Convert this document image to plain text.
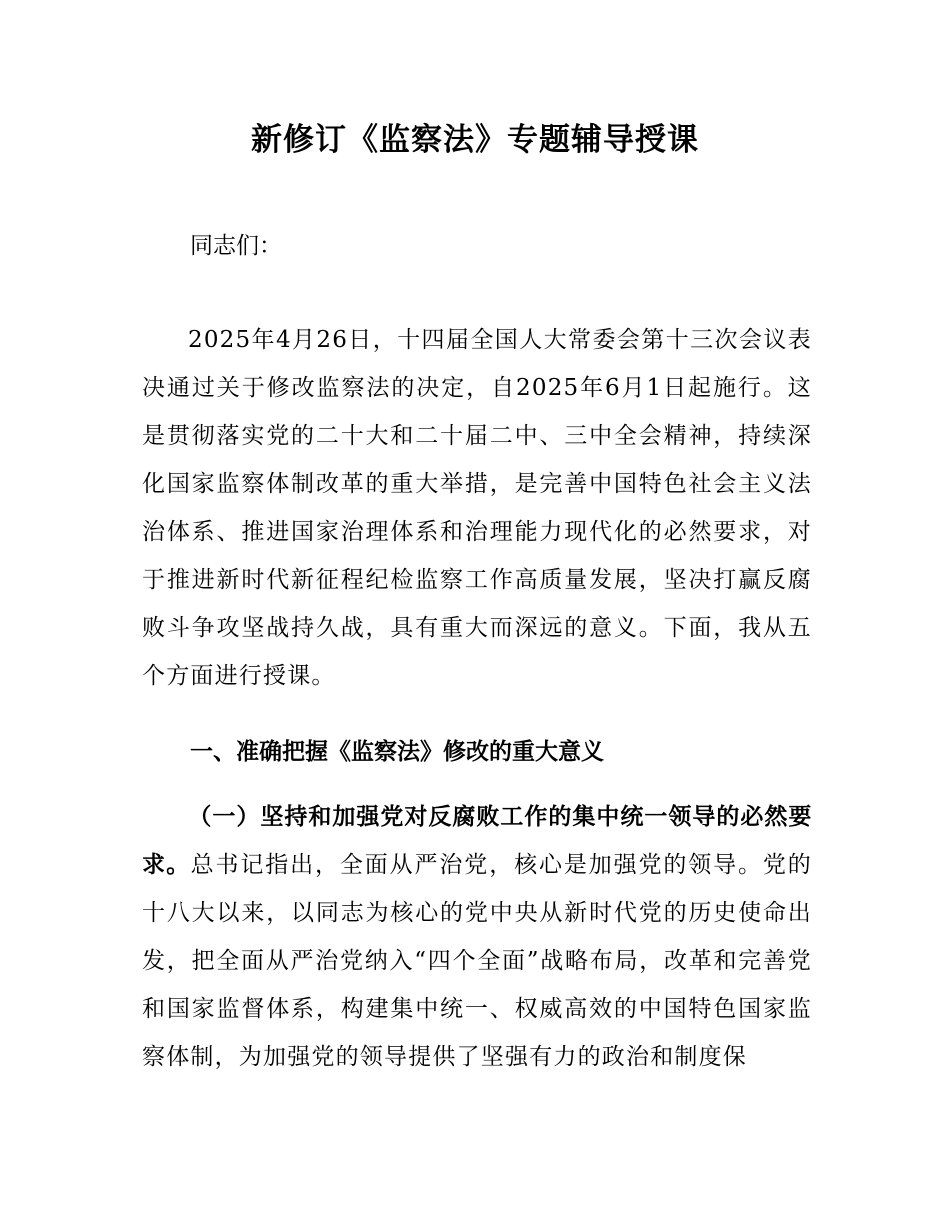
新修订《监察法》专题辅导授课

同志们：

2025年4月26日，十四届全国人大常委会第十三次会议表决通过关于修改监察法的决定，自2025年6月1日起施行。这是贯彻落实党的二十大和二十届二中、三中全会精神，持续深化国家监察体制改革的重大举措，是完善中国特色社会主义法治体系、推进国家治理体系和治理能力现代化的必然要求，对于推进新时代新征程纪检监察工作高质量发展，坚决打赢反腐败斗争攻坚战持久战，具有重大而深远的意义。下面，我从五个方面进行授课。

一、准确把握《监察法》修改的重大意义

（一）坚持和加强党对反腐败工作的集中统一领导的必然要求。总书记指出，全面从严治党，核心是加强党的领导。党的十八大以来，以同志为核心的党中央从新时代党的历史使命出发，把全面从严治党纳入“四个全面”战略布局，改革和完善党和国家监督体系，构建集中统一、权威高效的中国特色国家监察体制，为加强党的领导提供了坚强有力的政治和制度保
